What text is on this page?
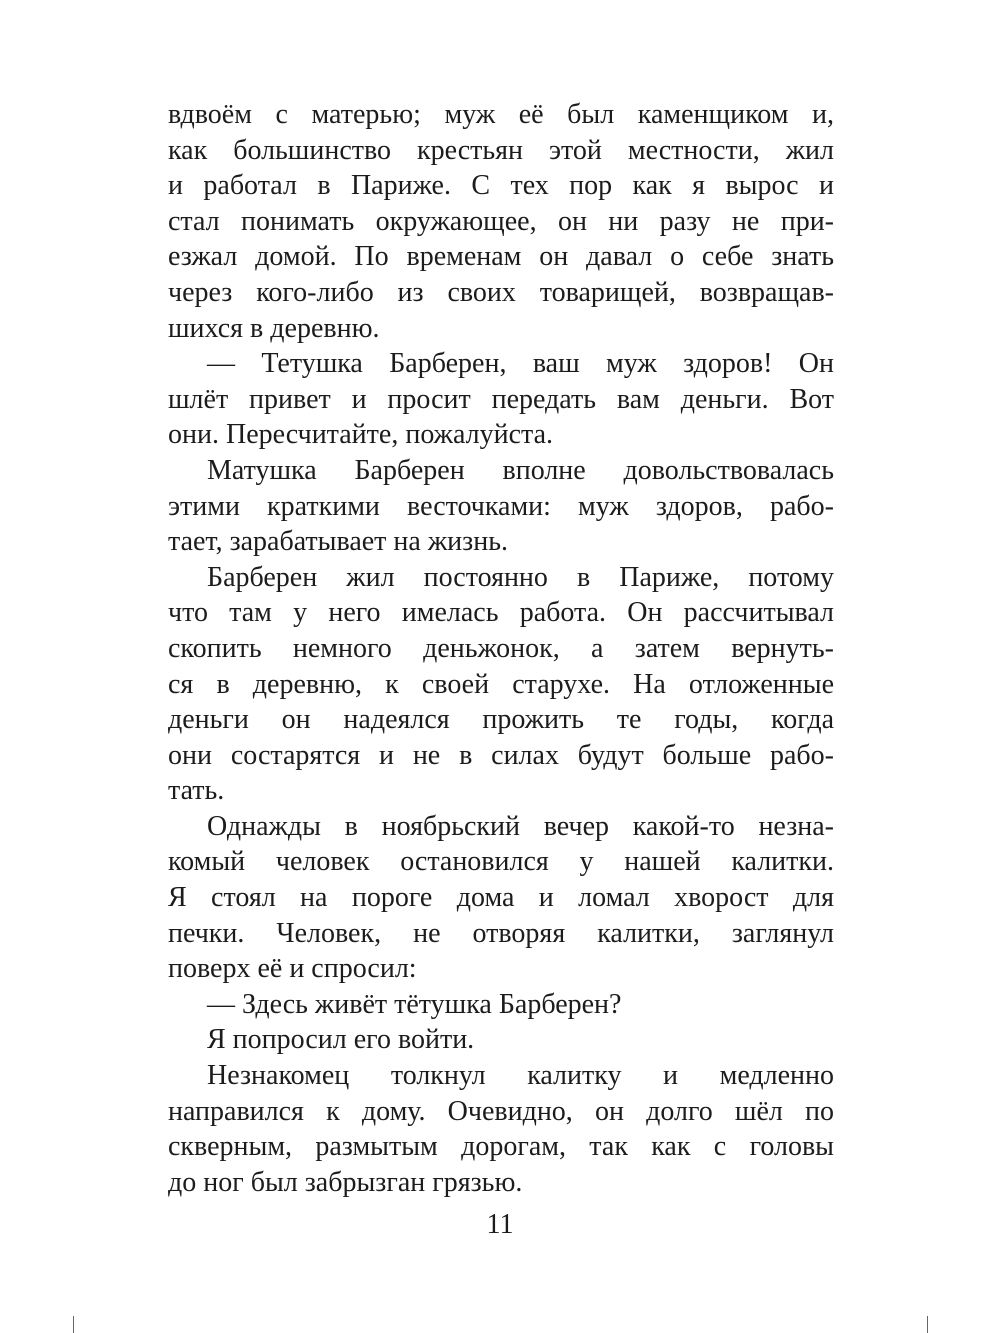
вдвоём с матерью; муж её был каменщиком и,
как большинство крестьян этой местности, жил
и работал в Париже. С тех пор как я вырос и
стал понимать окружающее, он ни разу не при-
езжал домой. По временам он давал о себе знать
через кого-либо из своих товарищей, возвращав-
шихся в деревню.
— Тетушка Барберен, ваш муж здоров! Он
шлёт привет и просит передать вам деньги. Вот
они. Пересчитайте, пожалуйста.
Матушка Барберен вполне довольствовалась
этими краткими весточками: муж здоров, рабо-
тает, зарабатывает на жизнь.
Барберен жил постоянно в Париже, потому
что там у него имелась работа. Он рассчитывал
скопить немного деньжонок, а затем вернуть-
ся в деревню, к своей старухе. На отложенные
деньги он надеялся прожить те годы, когда
они состарятся и не в силах будут больше рабо-
тать.
Однажды в ноябрьский вечер какой-то незна-
комый человек остановился у нашей калитки.
Я стоял на пороге дома и ломал хворост для
печки. Человек, не отворяя калитки, заглянул
поверх её и спросил:
— Здесь живёт тётушка Барберен?
Я попросил его войти.
Незнакомец толкнул калитку и медленно
направился к дому. Очевидно, он долго шёл по
скверным, размытым дорогам, так как с головы
до ног был забрызган грязью.
11
